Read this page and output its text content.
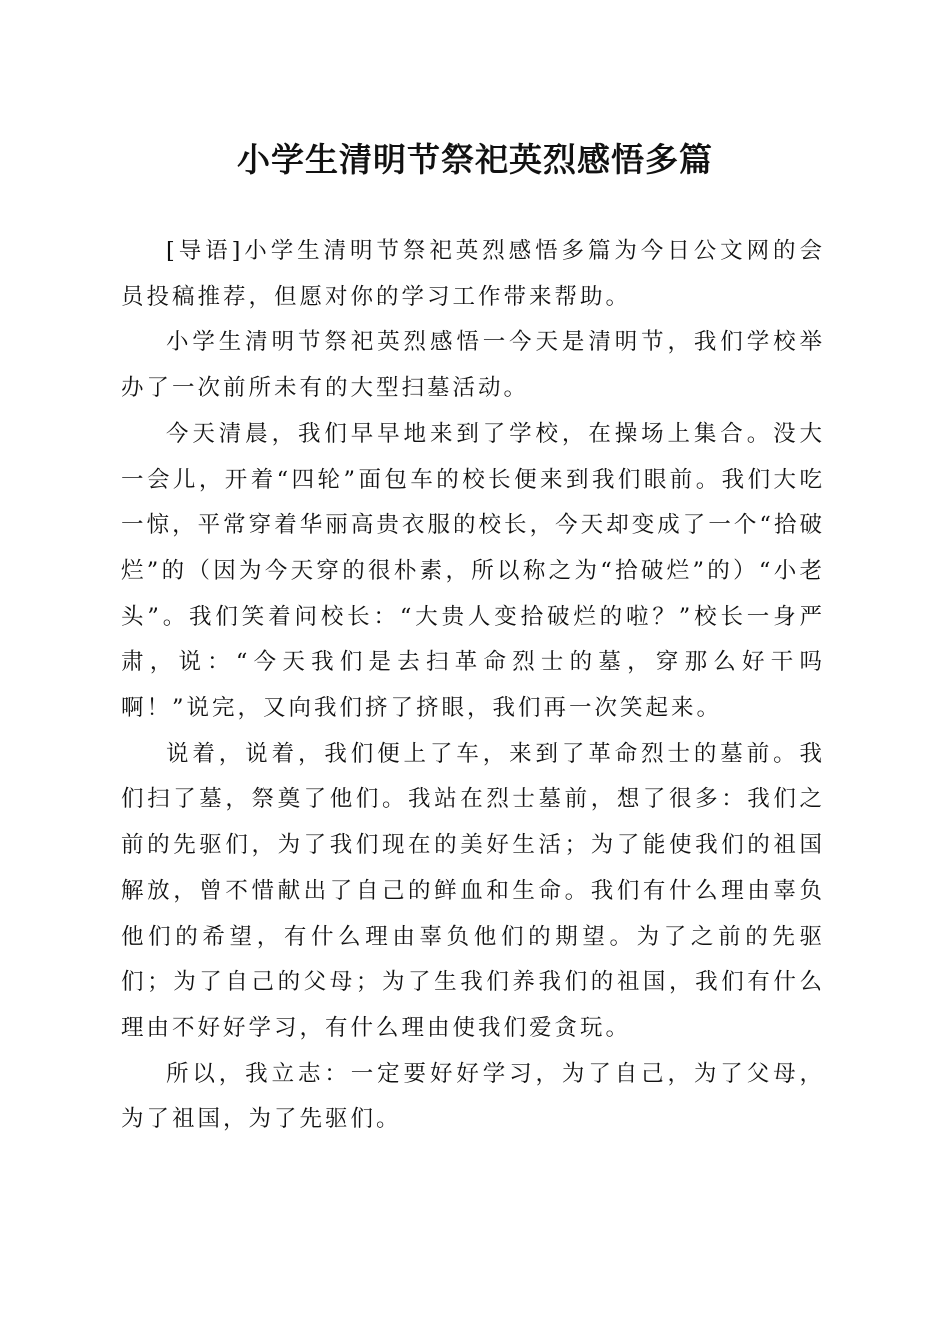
小学生清明节祭祀英烈感悟多篇

[导语]小学生清明节祭祀英烈感悟多篇为今日公文网的会员投稿推荐，但愿对你的学习工作带来帮助。

小学生清明节祭祀英烈感悟一今天是清明节，我们学校举办了一次前所未有的大型扫墓活动。

今天清晨，我们早早地来到了学校，在操场上集合。没大一会儿，开着“四轮”面包车的校长便来到我们眼前。我们大吃一惊，平常穿着华丽高贵衣服的校长，今天却变成了一个“拾破烂”的（因为今天穿的很朴素，所以称之为“拾破烂”的）“小老头”。我们笑着问校长：“大贵人变拾破烂的啦？”校长一身严肃，说：“今天我们是去扫革命烈士的墓，穿那么好干吗啊！”说完，又向我们挤了挤眼，我们再一次笑起来。

说着，说着，我们便上了车，来到了革命烈士的墓前。我们扫了墓，祭奠了他们。我站在烈士墓前，想了很多：我们之前的先驱们，为了我们现在的美好生活；为了能使我们的祖国解放，曾不惜献出了自己的鲜血和生命。我们有什么理由辜负他们的希望，有什么理由辜负他们的期望。为了之前的先驱们；为了自己的父母；为了生我们养我们的祖国，我们有什么理由不好好学习，有什么理由使我们爱贪玩。

所以，我立志：一定要好好学习，为了自己，为了父母，为了祖国，为了先驱们。
